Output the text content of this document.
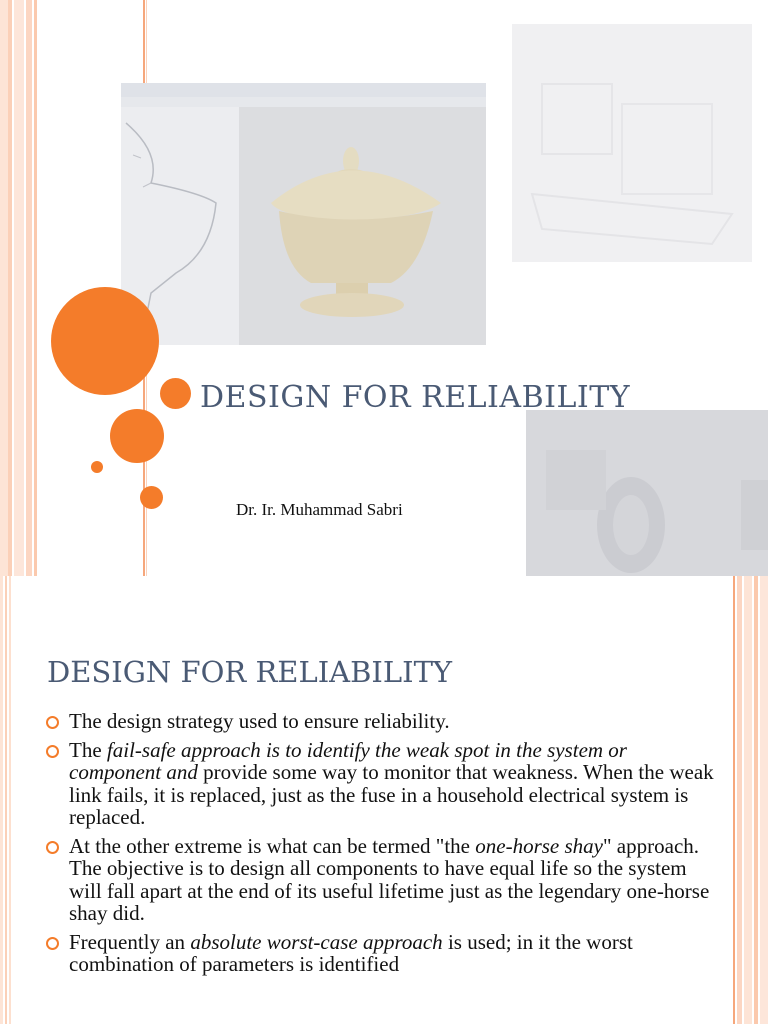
DESIGN FOR RELIABILITY
Dr. Ir. Muhammad Sabri
DESIGN FOR RELIABILITY
The design strategy used to ensure reliability.
The fail-safe approach is to identify the weak spot in the system or component and provide some way to monitor that weakness. When the weak link fails, it is replaced, just as the fuse in a household electrical system is replaced.
At the other extreme is what can be termed "the one-horse shay" approach. The objective is to design all components to have equal life so the system will fall apart at the end of its useful lifetime just as the legendary one-horse shay did.
Frequently an absolute worst-case approach is used; in it the worst combination of parameters is identified
